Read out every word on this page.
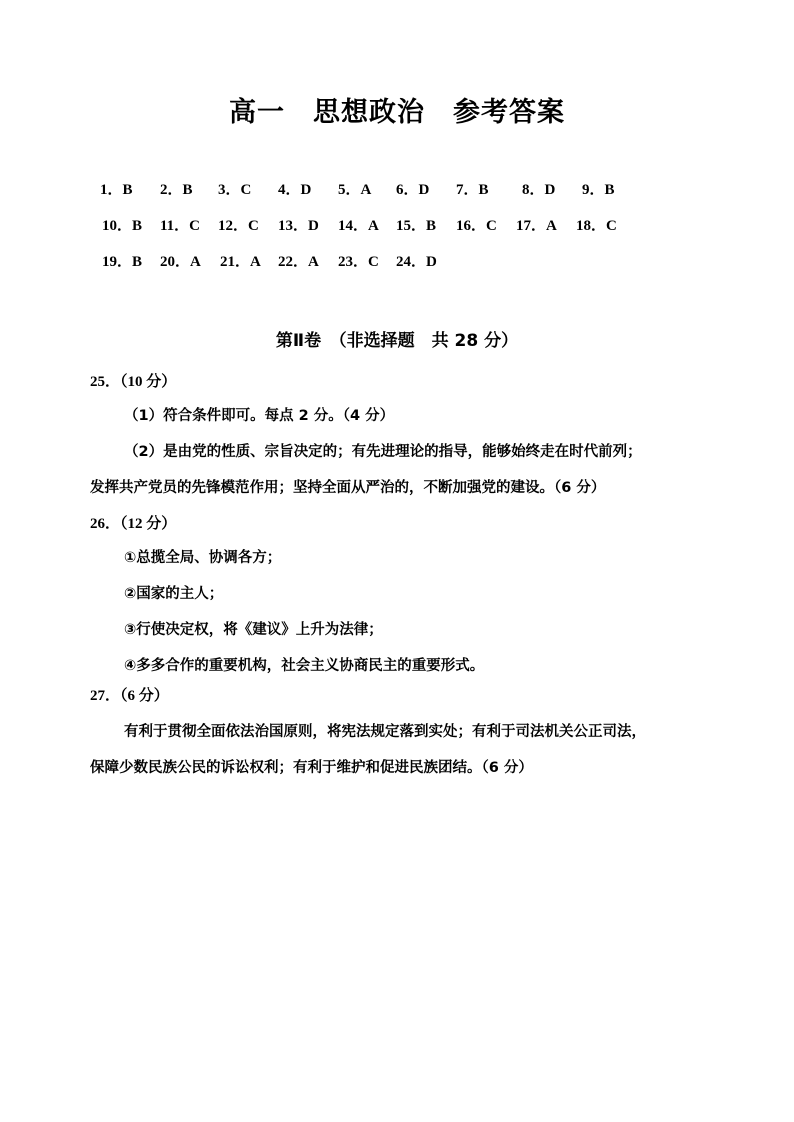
高一　思想政治　参考答案
1．B 2．B 3．C 4．D 5．A 6．D 7．B 8．D 9．B
10．B 11．C 12．C 13．D 14．A 15．B 16．C 17．A 18．C
19．B 20．A 21．A 22．A 23．C 24．D
第Ⅱ卷　（非选择题　共 28 分）
25．（10 分）
（1）符合条件即可。每点 2 分。（4 分）
（2）是由党的性质、宗旨决定的；有先进理论的指导，能够始终走在时代前列；
发挥共产党员的先锋模范作用；坚持全面从严治的，不断加强党的建设。（6 分）
26．（12 分）
①总揽全局、协调各方；
②国家的主人；
③行使决定权，将《建议》上升为法律；
④多多合作的重要机构，社会主义协商民主的重要形式。
27．（6 分）
有利于贯彻全面依法治国原则，将宪法规定落到实处；有利于司法机关公正司法，
保障少数民族公民的诉讼权利；有利于维护和促进民族团结。（6 分）
